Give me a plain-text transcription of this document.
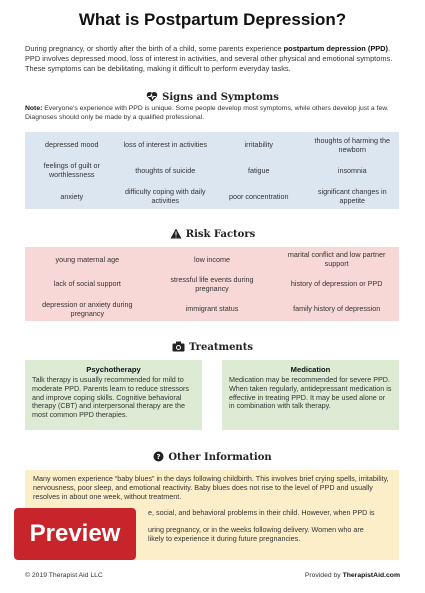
What is Postpartum Depression?
During pregnancy, or shortly after the birth of a child, some parents experience postpartum depression (PPD). PPD involves depressed mood, loss of interest in activities, and several other physical and emotional symptoms. These symptoms can be debilitating, making it difficult to perform everyday tasks.
Signs and Symptoms
Note: Everyone’s experience with PPD is unique. Some people develop most symptoms, while others develop just a few. Diagnoses should only be made by a qualified professional.
depressed mood	loss of interest in activities	irritability	thoughts of harming the newborn
feelings of guilt or worthlessness	thoughts of suicide	fatigue	insomnia
anxiety	difficulty coping with daily activities	poor concentration	significant changes in appetite
Risk Factors
young maternal age	low income	marital conflict and low partner support
lack of social support	stressful life events during pregnancy	history of depression or PPD
depression or anxiety during pregnancy	immigrant status	family history of depression
Treatments
Psychotherapy
Talk therapy is usually recommended for mild to moderate PPD. Parents learn to reduce stressors and improve coping skills. Cognitive behavioral therapy (CBT) and interpersonal therapy are the most common PPD therapies.
Medication
Medication may be recommended for severe PPD. When taken regularly, antidepressant medication is effective in treating PPD. It may be used alone or in combination with talk therapy.
? Other Information

Many women experience “baby blues” in the days following childbirth. This involves brief crying spells, irritability, nervousness, poor sleep, and emotional reactivity. Baby blues does not rise to the level of PPD and usually resolves in about one week, without treatment.

e, social, and behavioral problems in their child. However, when PPD is

uring pregnancy, or in the weeks following delivery. Women who are
likely to experience it during future pregnancies.

Preview
© 2019 Therapist Aid LLC	Provided by TherapistAid.com
